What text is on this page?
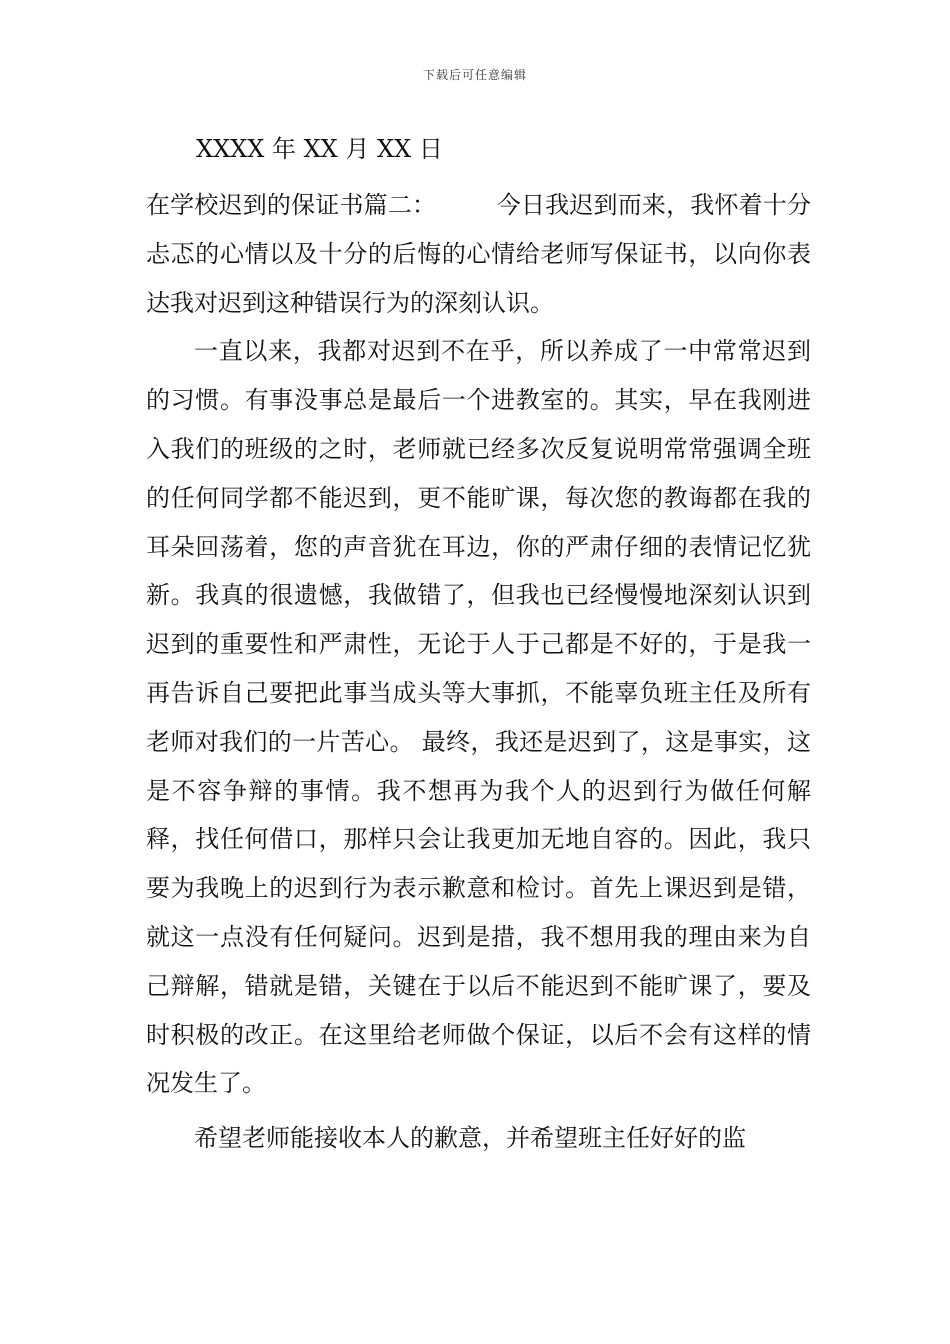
下载后可任意编辑
XXXX 年 XX 月 XX 日

在学校迟到的保证书篇二：　　　今日我迟到而来，我怀着十分忐忑的心情以及十分的后悔的心情给老师写保证书，以向你表达我对迟到这种错误行为的深刻认识。

一直以来，我都对迟到不在乎，所以养成了一中常常迟到的习惯。有事没事总是最后一个进教室的。其实，早在我刚进入我们的班级的之时，老师就已经多次反复说明常常强调全班的任何同学都不能迟到，更不能旷课，每次您的教诲都在我的耳朵回荡着，您的声音犹在耳边，你的严肃仔细的表情记忆犹新。我真的很遗憾，我做错了，但我也已经慢慢地深刻认识到迟到的重要性和严肃性，无论于人于己都是不好的，于是我一再告诉自己要把此事当成头等大事抓，不能辜负班主任及所有老师对我们的一片苦心。 最终，我还是迟到了，这是事实，这是不容争辩的事情。我不想再为我个人的迟到行为做任何解释，找任何借口，那样只会让我更加无地自容的。因此，我只要为我晚上的迟到行为表示歉意和检讨。首先上课迟到是错，就这一点没有任何疑问。迟到是措，我不想用我的理由来为自己辩解，错就是错，关键在于以后不能迟到不能旷课了，要及时积极的改正。在这里给老师做个保证，以后不会有这样的情况发生了。

希望老师能接收本人的歉意，并希望班主任好好的监
